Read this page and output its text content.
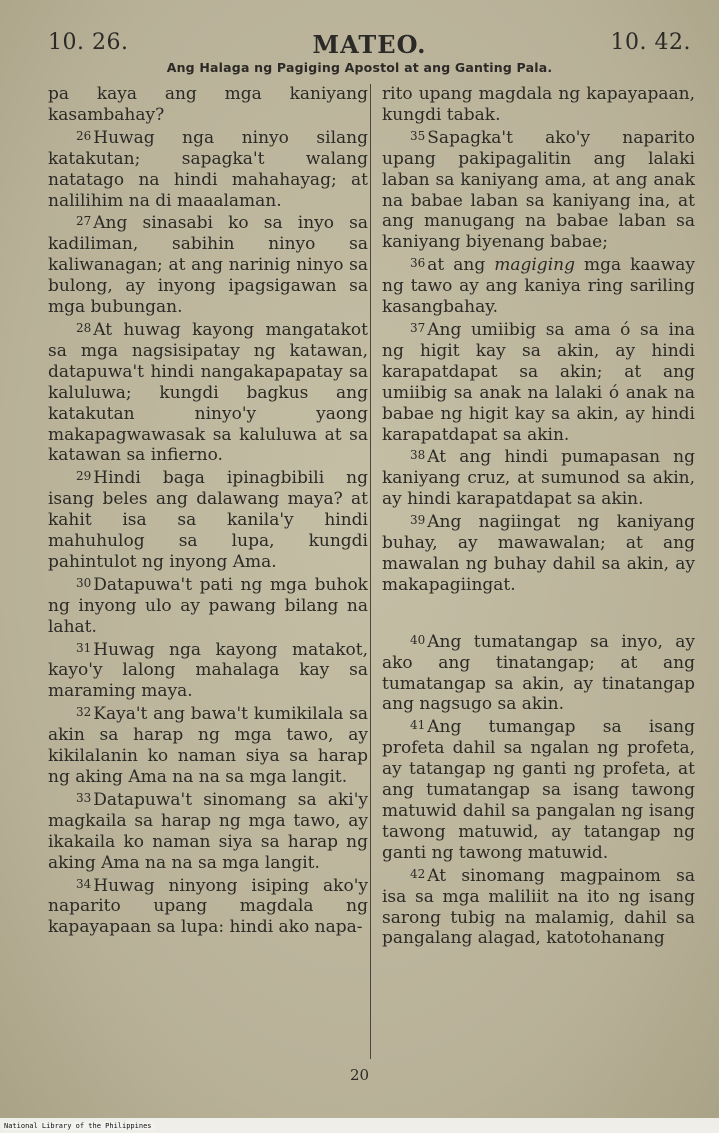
10. 26.	MATEO.	10. 42.
Ang Halaga ng Pagiging Apostol at ang Ganting Pala.

pa kaya ang mga kaniyang kasambahay?

26 Huwag nga ninyo silang katakutan; sapagka't walang natatago na hindi mahahayag; at nalilihim na di maaalaman.

27 Ang sinasabi ko sa inyo sa kadiliman, sabihin ninyo sa kaliwanagan; at ang narinig ninyo sa bulong, ay inyong ipagsigawan sa mga bubungan.

28 At huwag kayong mangatakot sa mga nagsisipatay ng katawan, datapuwa't hindi nangakapapatay sa kaluluwa; kungdi bagkus ang katakutan ninyo'y yaong makapagwawasak sa kaluluwa at sa katawan sa infierno.

29 Hindi baga ipinagbibili ng isang beles ang dalawang maya? at kahit isa sa kanila'y hindi mahuhulog sa lupa, kungdi pahintulot ng inyong Ama.

30 Datapuwa't pati ng mga buhok ng inyong ulo ay pawang bilang na lahat.

31 Huwag nga kayong matakot, kayo'y lalong mahalaga kay sa maraming maya.

32 Kaya't ang bawa't kumikilala sa akin sa harap ng mga tawo, ay kikilalanin ko naman siya sa harap ng aking Ama na na sa mga langit.

33 Datapuwa't sinomang sa aki'y magkaila sa harap ng mga tawo, ay ikakaila ko naman siya sa harap ng aking Ama na na sa mga langit.

34 Huwag ninyong isiping ako'y naparito upang magdala ng kapayapaan sa lupa: hindi ako napa-

rito upang magdala ng kapayapaan, kungdi tabak.

35 Sapagka't ako'y naparito upang pakipagalitin ang lalaki laban sa kaniyang ama, at ang anak na babae laban sa kaniyang ina, at ang manugang na babae laban sa kaniyang biyenang babae;

36 at ang magiging mga kaaway ng tawo ay ang kaniya ring sariling kasangbahay.

37 Ang umiibig sa ama ó sa ina ng higit kay sa akin, ay hindi karapatdapat sa akin; at ang umiibig sa anak na lalaki ó anak na babae ng higit kay sa akin, ay hindi karapatdapat sa akin.

38 At ang hindi pumapasan ng kaniyang cruz, at sumunod sa akin, ay hindi karapatdapat sa akin.

39 Ang nagiingat ng kaniyang buhay, ay mawawalan; at ang mawalan ng buhay dahil sa akin, ay makapagiingat.

40 Ang tumatangap sa inyo, ay ako ang tinatangap; at ang tumatangap sa akin, ay tinatangap ang nagsugo sa akin.

41 Ang tumangap sa isang profeta dahil sa ngalan ng profeta, ay tatangap ng ganti ng profeta, at ang tumatangap sa isang tawong matuwid dahil sa pangalan ng isang tawong matuwid, ay tatangap ng ganti ng tawong matuwid.

42 At sinomang magpainom sa isa sa mga maliliit na ito ng isang sarong tubig na malamig, dahil sa pangalang alagad, katotohanang

20
National Library of the Philippines
